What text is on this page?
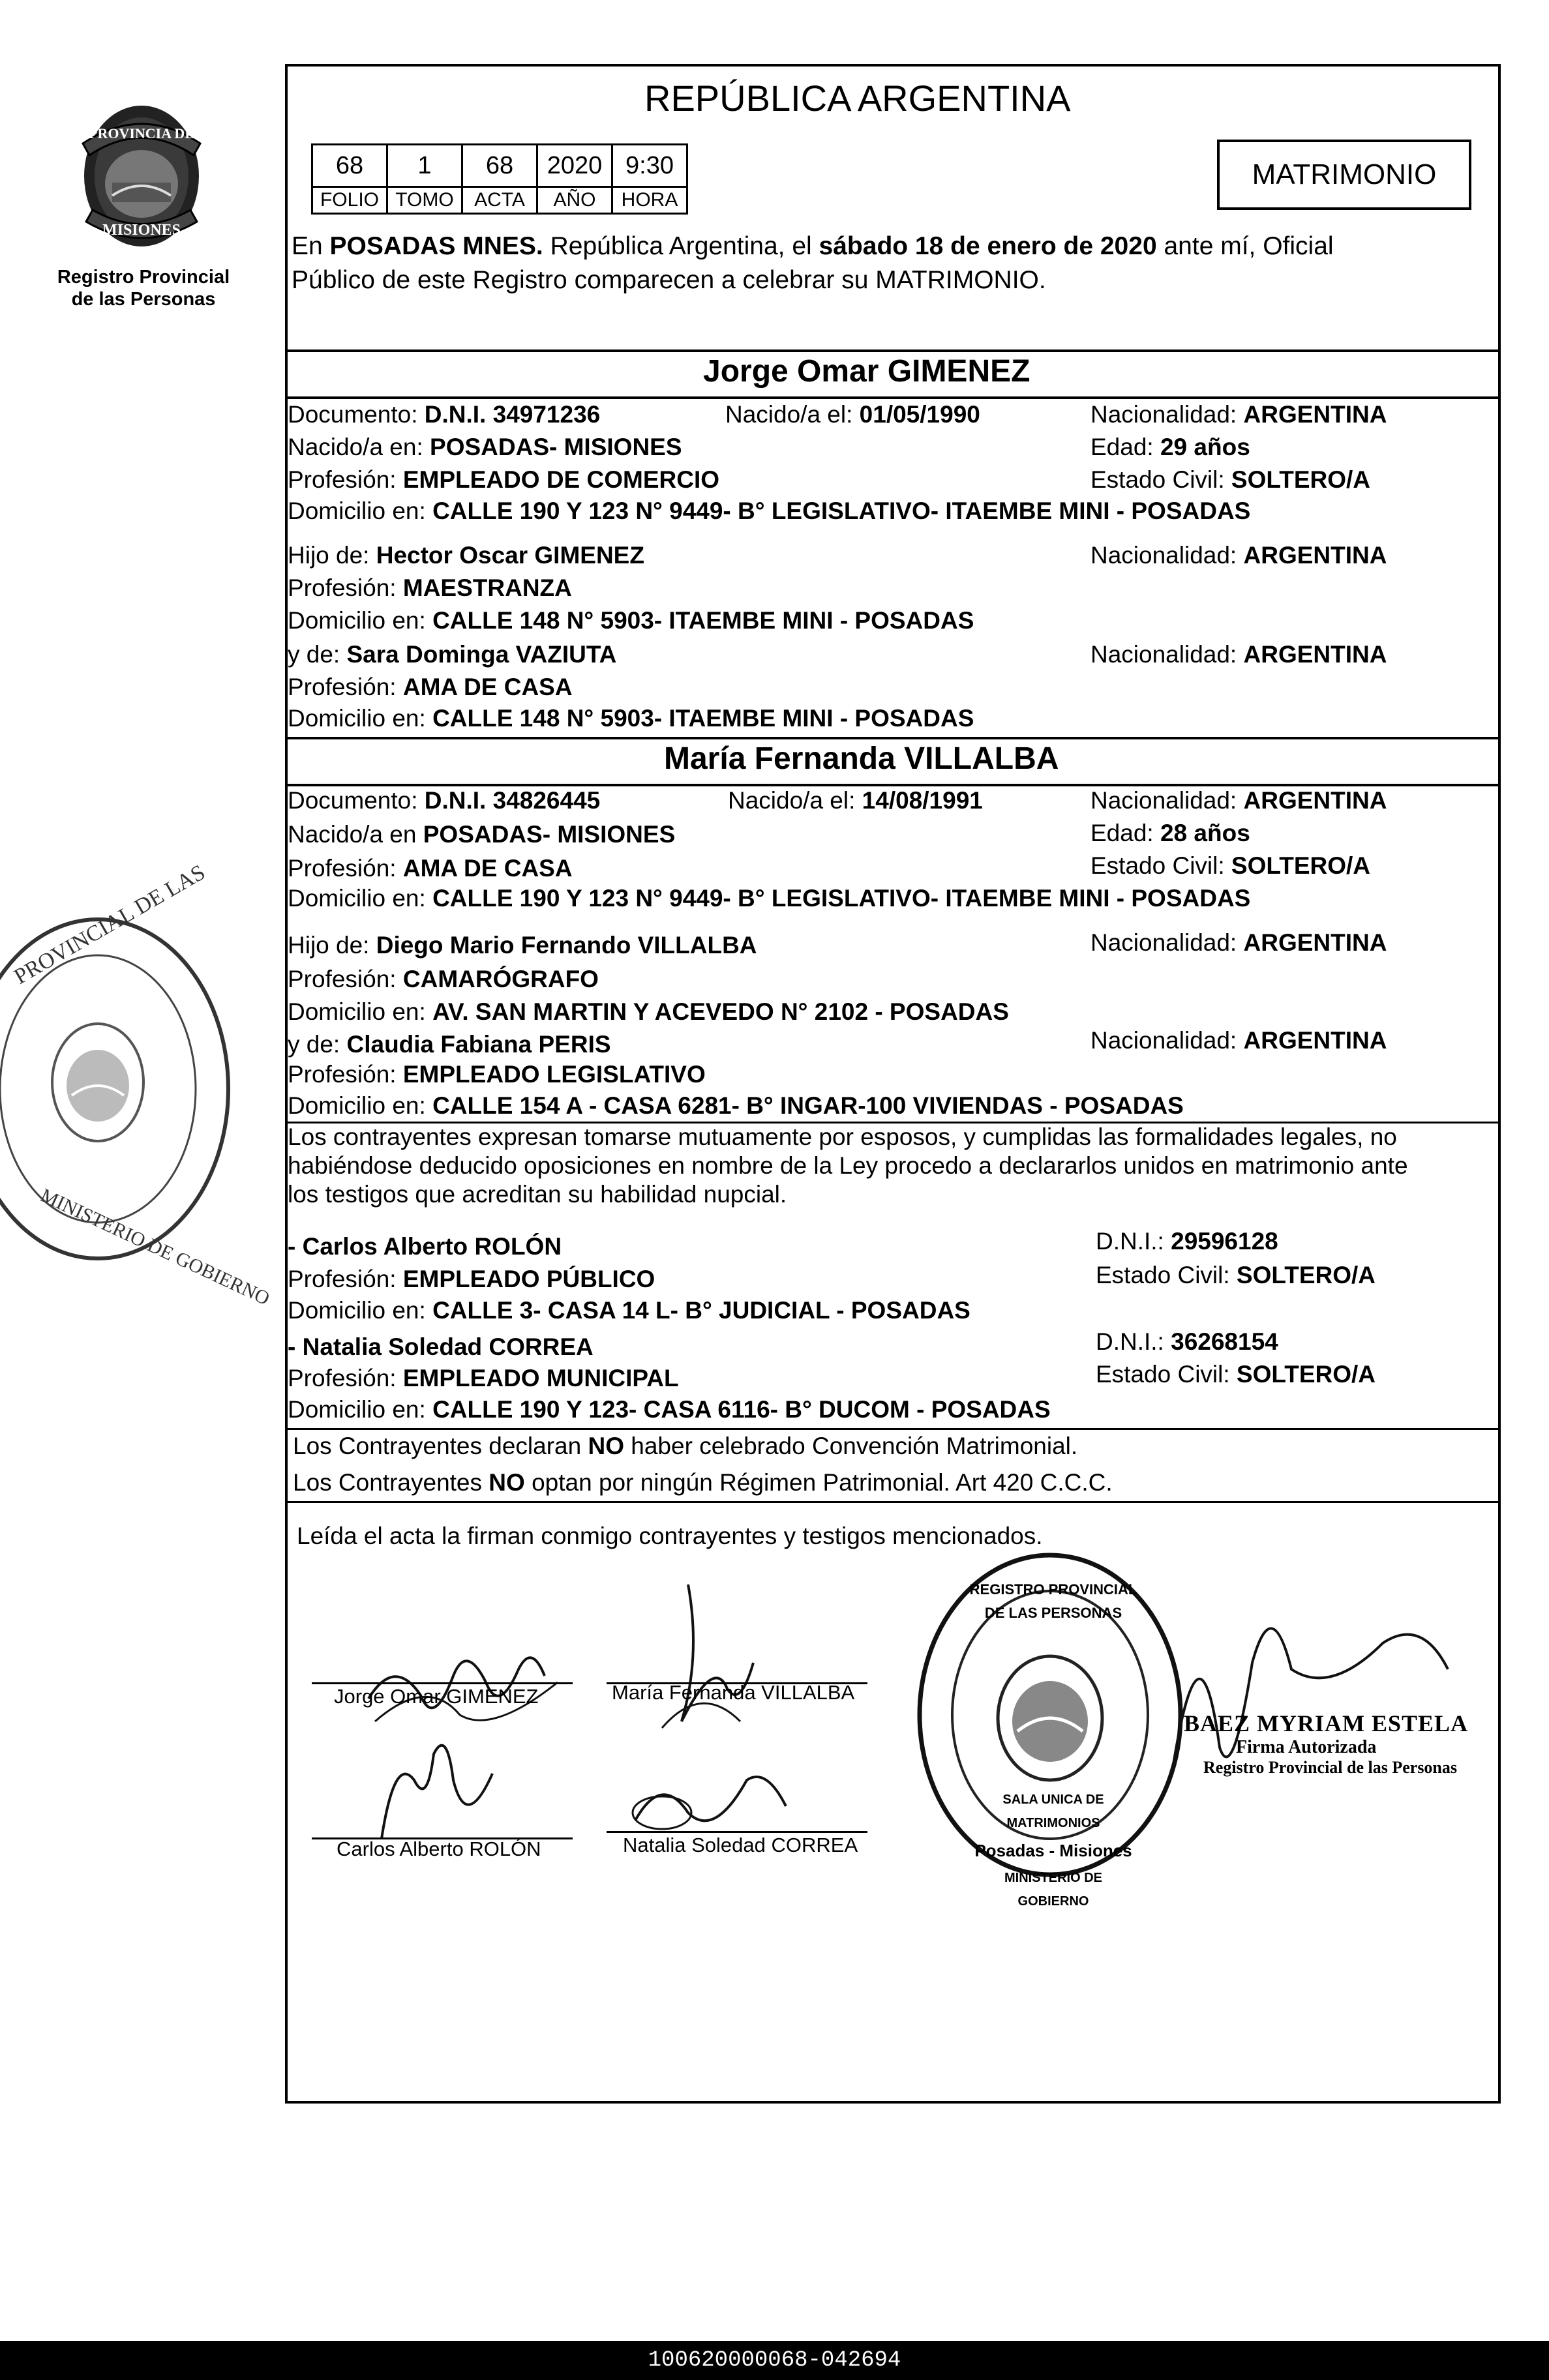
PROVINCIA DE
MISIONES
Registro Provincial
de las Personas
PROVINCIAL DE LAS
MINISTERIO DE GOBIERNO
REPÚBLICA ARGENTINA
68	1	68	2020	9:30
FOLIO	TOMO	ACTA	AÑO	HORA
MATRIMONIO
En POSADAS MNES. República Argentina, el sábado 18 de enero de 2020 ante mí, Oficial
Público de este Registro comparecen a celebrar su MATRIMONIO.
Jorge Omar GIMENEZ
Documento: D.N.I. 34971236	Nacido/a el: 01/05/1990	Nacionalidad: ARGENTINA
Nacido/a en: POSADAS- MISIONES	Edad: 29 años
Profesión: EMPLEADO DE COMERCIO	Estado Civil: SOLTERO/A
Domicilio en: CALLE 190 Y 123 N° 9449- B° LEGISLATIVO- ITAEMBE MINI - POSADAS
Hijo de: Hector Oscar GIMENEZ	Nacionalidad: ARGENTINA
Profesión: MAESTRANZA
Domicilio en: CALLE 148 N° 5903- ITAEMBE MINI - POSADAS
y de: Sara Dominga VAZIUTA	Nacionalidad: ARGENTINA
Profesión: AMA DE CASA
Domicilio en: CALLE 148 N° 5903- ITAEMBE MINI - POSADAS
María Fernanda VILLALBA
Documento: D.N.I. 34826445	Nacido/a el: 14/08/1991	Nacionalidad: ARGENTINA
Nacido/a en POSADAS- MISIONES	Edad: 28 años
Profesión: AMA DE CASA	Estado Civil: SOLTERO/A
Domicilio en: CALLE 190 Y 123 N° 9449- B° LEGISLATIVO- ITAEMBE MINI - POSADAS
Hijo de: Diego Mario Fernando VILLALBA	Nacionalidad: ARGENTINA
Profesión: CAMARÓGRAFO
Domicilio en: AV. SAN MARTIN Y ACEVEDO N° 2102 - POSADAS
y de: Claudia Fabiana PERIS	Nacionalidad: ARGENTINA
Profesión: EMPLEADO LEGISLATIVO
Domicilio en: CALLE 154 A - CASA 6281- B° INGAR-100 VIVIENDAS - POSADAS
Los contrayentes expresan tomarse mutuamente por esposos, y cumplidas las formalidades legales, no
habiéndose deducido oposiciones en nombre de la Ley procedo a declararlos unidos en matrimonio ante
los testigos que acreditan su habilidad nupcial.
- Carlos Alberto ROLÓN	D.N.I.: 29596128
Profesión: EMPLEADO PÚBLICO	Estado Civil: SOLTERO/A
Domicilio en: CALLE 3- CASA 14 L- B° JUDICIAL - POSADAS
- Natalia Soledad CORREA	D.N.I.: 36268154
Profesión: EMPLEADO MUNICIPAL	Estado Civil: SOLTERO/A
Domicilio en: CALLE 190 Y 123- CASA 6116- B° DUCOM - POSADAS
Los Contrayentes declaran NO haber celebrado Convención Matrimonial.
Los Contrayentes NO optan por ningún Régimen Patrimonial. Art 420 C.C.C.
Leída el acta la firman conmigo contrayentes y testigos mencionados.
Jorge Omar GIMENEZ	María Fernanda VILLALBA
Carlos Alberto ROLÓN	Natalia Soledad CORREA
REGISTRO PROVINCIAL DE LAS PERSONAS
SALA UNICA DE MATRIMONIOS
Posadas - Misiones
MINISTERIO DE GOBIERNO
BAEZ MYRIAM ESTELA
Firma Autorizada
Registro Provincial de las Personas
100620000068-042694
